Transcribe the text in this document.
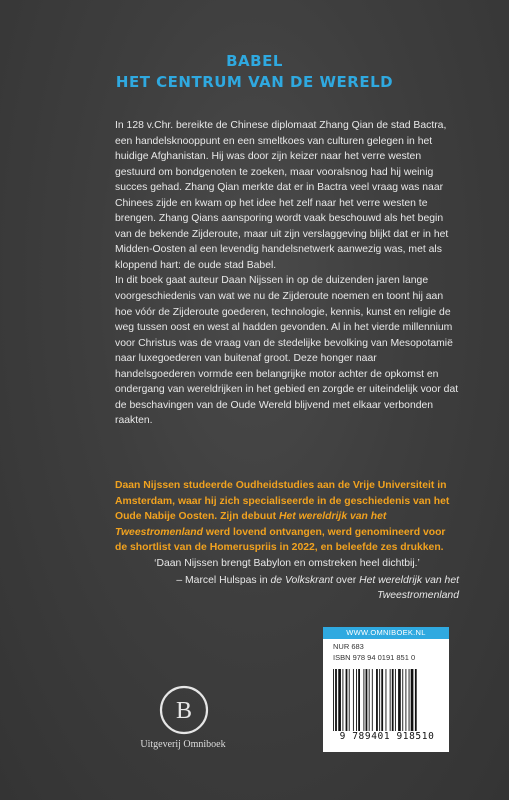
BABEL
HET CENTRUM VAN DE WERELD

In 128 v.Chr. bereikte de Chinese diplomaat Zhang Qian de stad Bactra, een handelsknooppunt en een smeltkoes van culturen gelegen in het huidige Afghanistan. Hij was door zijn keizer naar het verre westen gestuurd om bondgenoten te zoeken, maar vooralsnog had hij weinig succes gehad. Zhang Qian merkte dat er in Bactra veel vraag was naar Chinees zijde en kwam op het idee het zelf naar het verre westen te brengen. Zhang Qians aansporing wordt vaak beschouwd als het begin van de bekende Zijderoute, maar uit zijn verslaggeving blijkt dat er in het Midden-Oosten al een levendig handelsnetwerk aanwezig was, met als kloppend hart: de oude stad Babel.

In dit boek gaat auteur Daan Nijssen in op de duizenden jaren lange voorgeschiedenis van wat we nu de Zijderoute noemen en toont hij aan hoe vóór de Zijderoute goederen, technologie, kennis, kunst en religie de weg tussen oost en west al hadden gevonden. Al in het vierde millennium voor Christus was de vraag van de stedelijke bevolking van Mesopotamië naar luxegoederen van buitenaf groot. Deze honger naar handelsgoederen vormde een belangrijke motor achter de opkomst en ondergang van wereldrijken in het gebied en zorgde er uiteindelijk voor dat de beschavingen van de Oude Wereld blijvend met elkaar verbonden raakten.

Daan Nijssen studeerde Oudheidstudies aan de Vrije Universiteit in Amsterdam, waar hij zich specialiseerde in de geschiedenis van het Oude Nabije Oosten. Zijn debuut Het wereldrijk van het Tweestromenland werd lovend ontvangen, werd genomineerd voor de shortlist van de Homeruspriis in 2022, en beleefde zes drukken.
‘Daan Nijssen brengt Babylon en omstreken heel dichtbij.’
– Marcel Hulspas in de Volkskrant over Het wereldrijk van het Tweestromenland
WWW.OMNIBOEK.NL
NUR 683
ISBN 978 94 0191 851 0
9 789401 918510
B
Uitgeverij Omniboek
